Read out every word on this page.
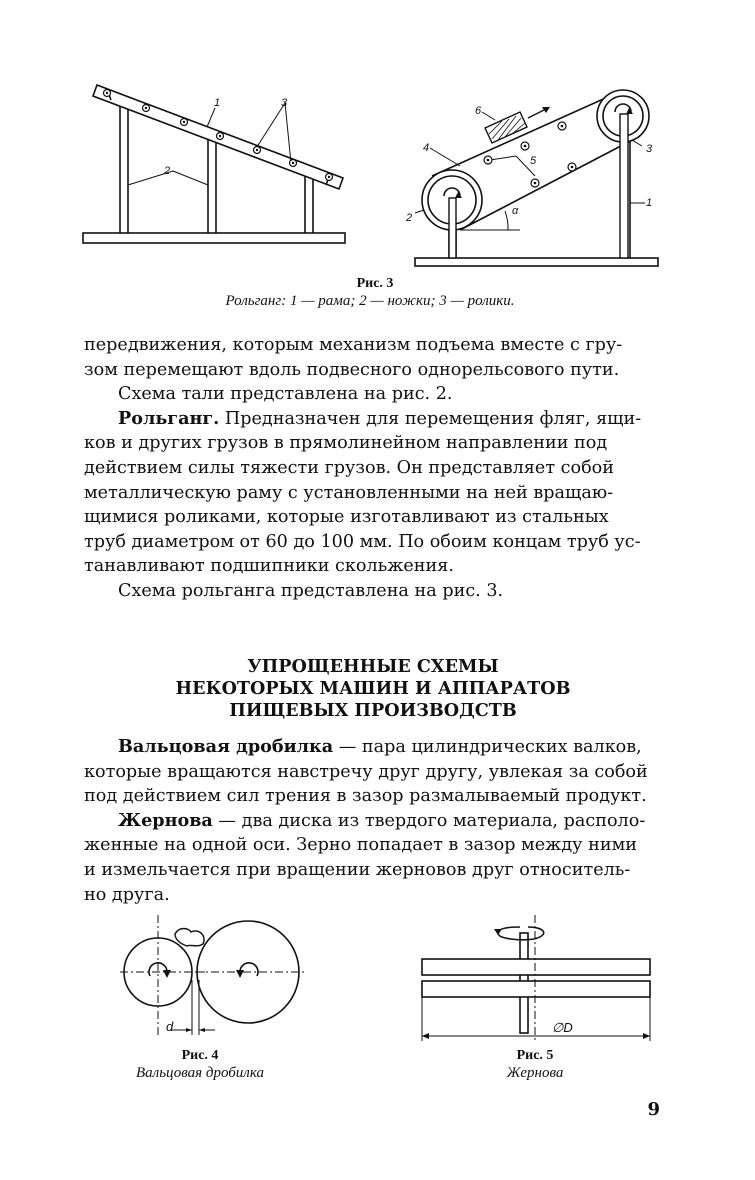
1	3
2
6
4
5
3
1
α
2
Рис. 3
Рольганг: 1 — рама; 2 — ножки; 3 — ролики.

передвижения, которым механизм подъема вместе с гру-

зом перемещают вдоль подвесного однорельсового пути.

Схема тали представлена на рис. 2.

Рольганг. Предназначен для перемещения фляг, ящи-

ков и других грузов в прямолинейном направлении под

действием силы тяжести грузов. Он представляет собой

металлическую раму с установленными на ней вращаю-

щимися роликами, которые изготавливают из стальных

труб диаметром от 60 до 100 мм. По обоим концам труб ус-

танавливают подшипники скольжения.

Схема рольганга представлена на рис. 3.

УПРОЩЕННЫЕ СХЕМЫ
НЕКОТОРЫХ МАШИН И АППАРАТОВ
ПИЩЕВЫХ ПРОИЗВОДСТВ

Вальцовая дробилка — пара цилиндрических валков,

которые вращаются навстречу друг другу, увлекая за собой

под действием сил трения в зазор размалываемый продукт.

Жернова — два диска из твердого материала, располо-

женные на одной оси. Зерно попадает в зазор между ними

и измельчается при вращении жерновов друг относитель-

но друга.

d
Рис. 4
Вальцовая дробилка
∅D
Рис. 5
Жернова
9
